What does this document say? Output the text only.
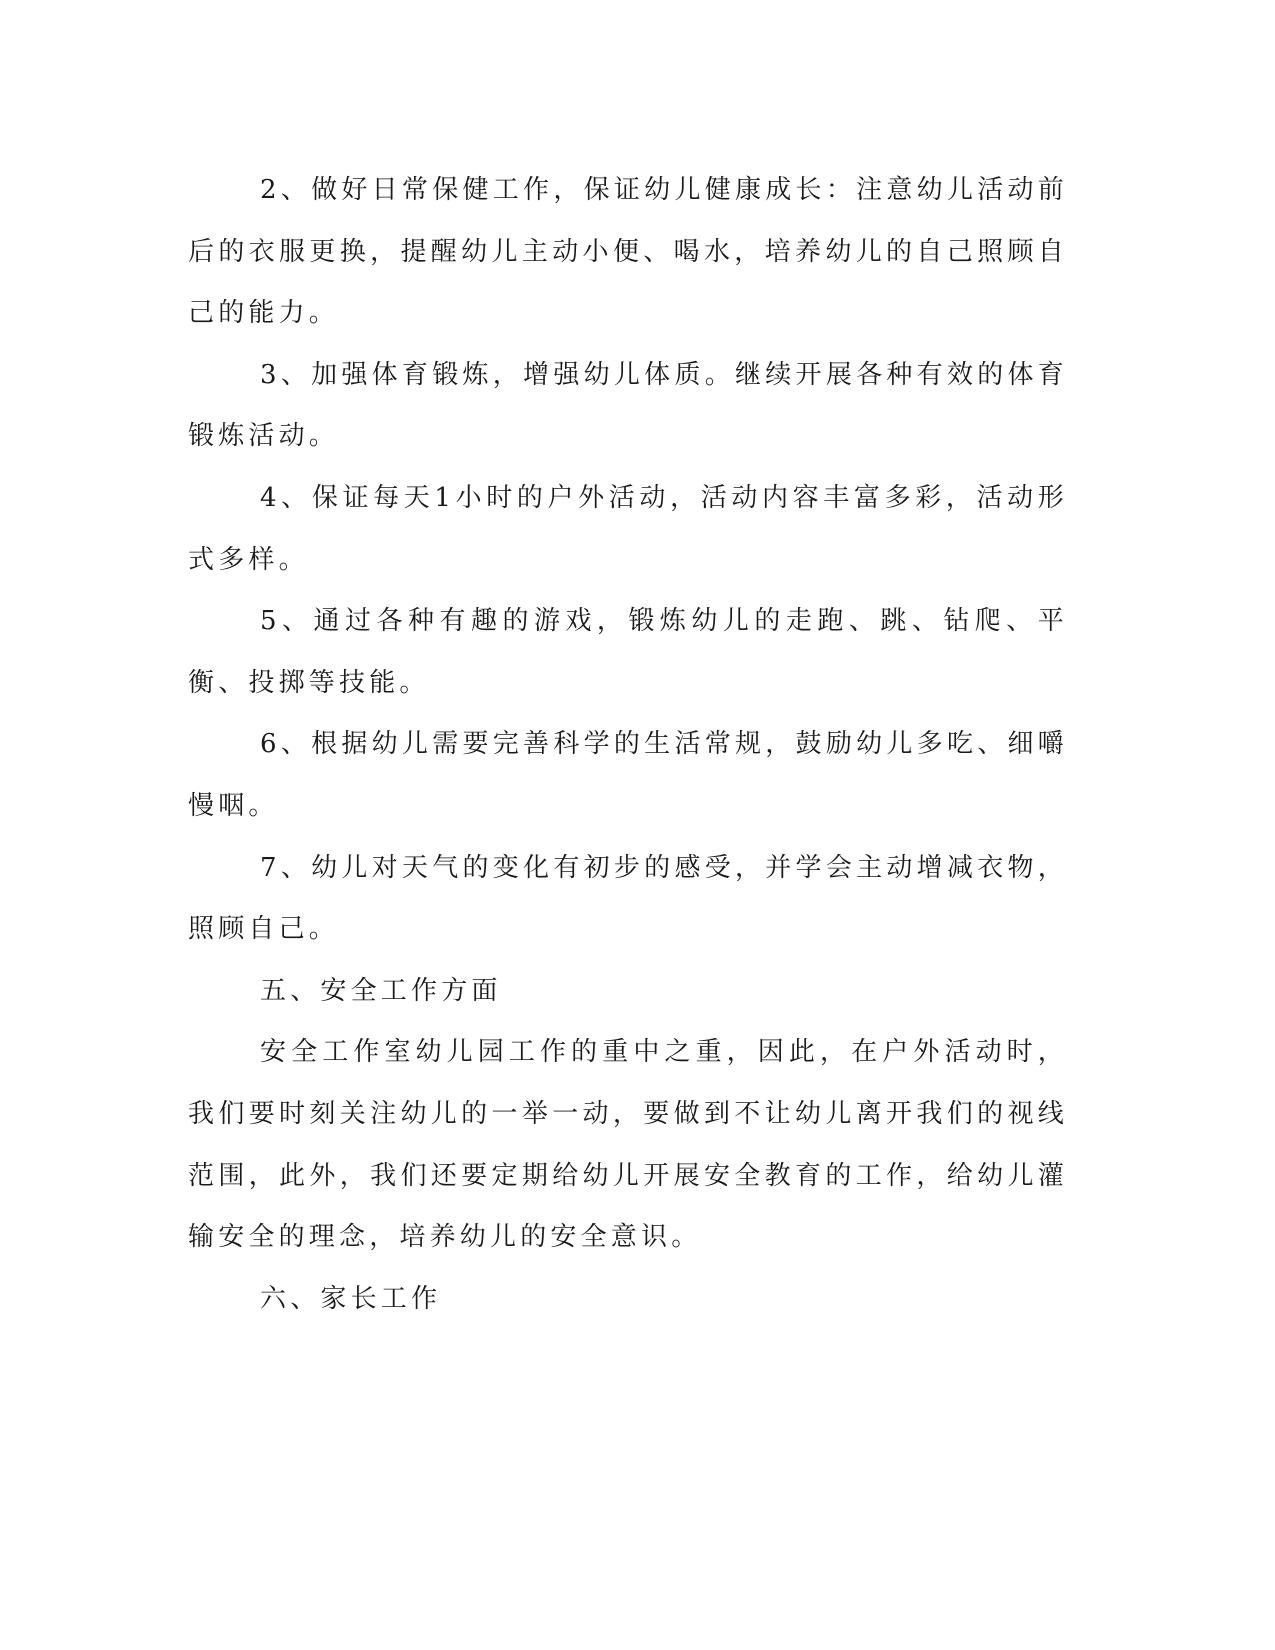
2、做好日常保健工作，保证幼儿健康成长：注意幼儿活动前后的衣服更换，提醒幼儿主动小便、喝水，培养幼儿的自己照顾自己的能力。

3、加强体育锻炼，增强幼儿体质。继续开展各种有效的体育锻炼活动。

4、保证每天1小时的户外活动，活动内容丰富多彩，活动形式多样。

5、通过各种有趣的游戏，锻炼幼儿的走跑、跳、钻爬、平衡、投掷等技能。

6、根据幼儿需要完善科学的生活常规，鼓励幼儿多吃、细嚼慢咽。

7、幼儿对天气的变化有初步的感受，并学会主动增减衣物，照顾自己。

五、安全工作方面

安全工作室幼儿园工作的重中之重，因此，在户外活动时，我们要时刻关注幼儿的一举一动，要做到不让幼儿离开我们的视线范围，此外，我们还要定期给幼儿开展安全教育的工作，给幼儿灌输安全的理念，培养幼儿的安全意识。

六、家长工作
